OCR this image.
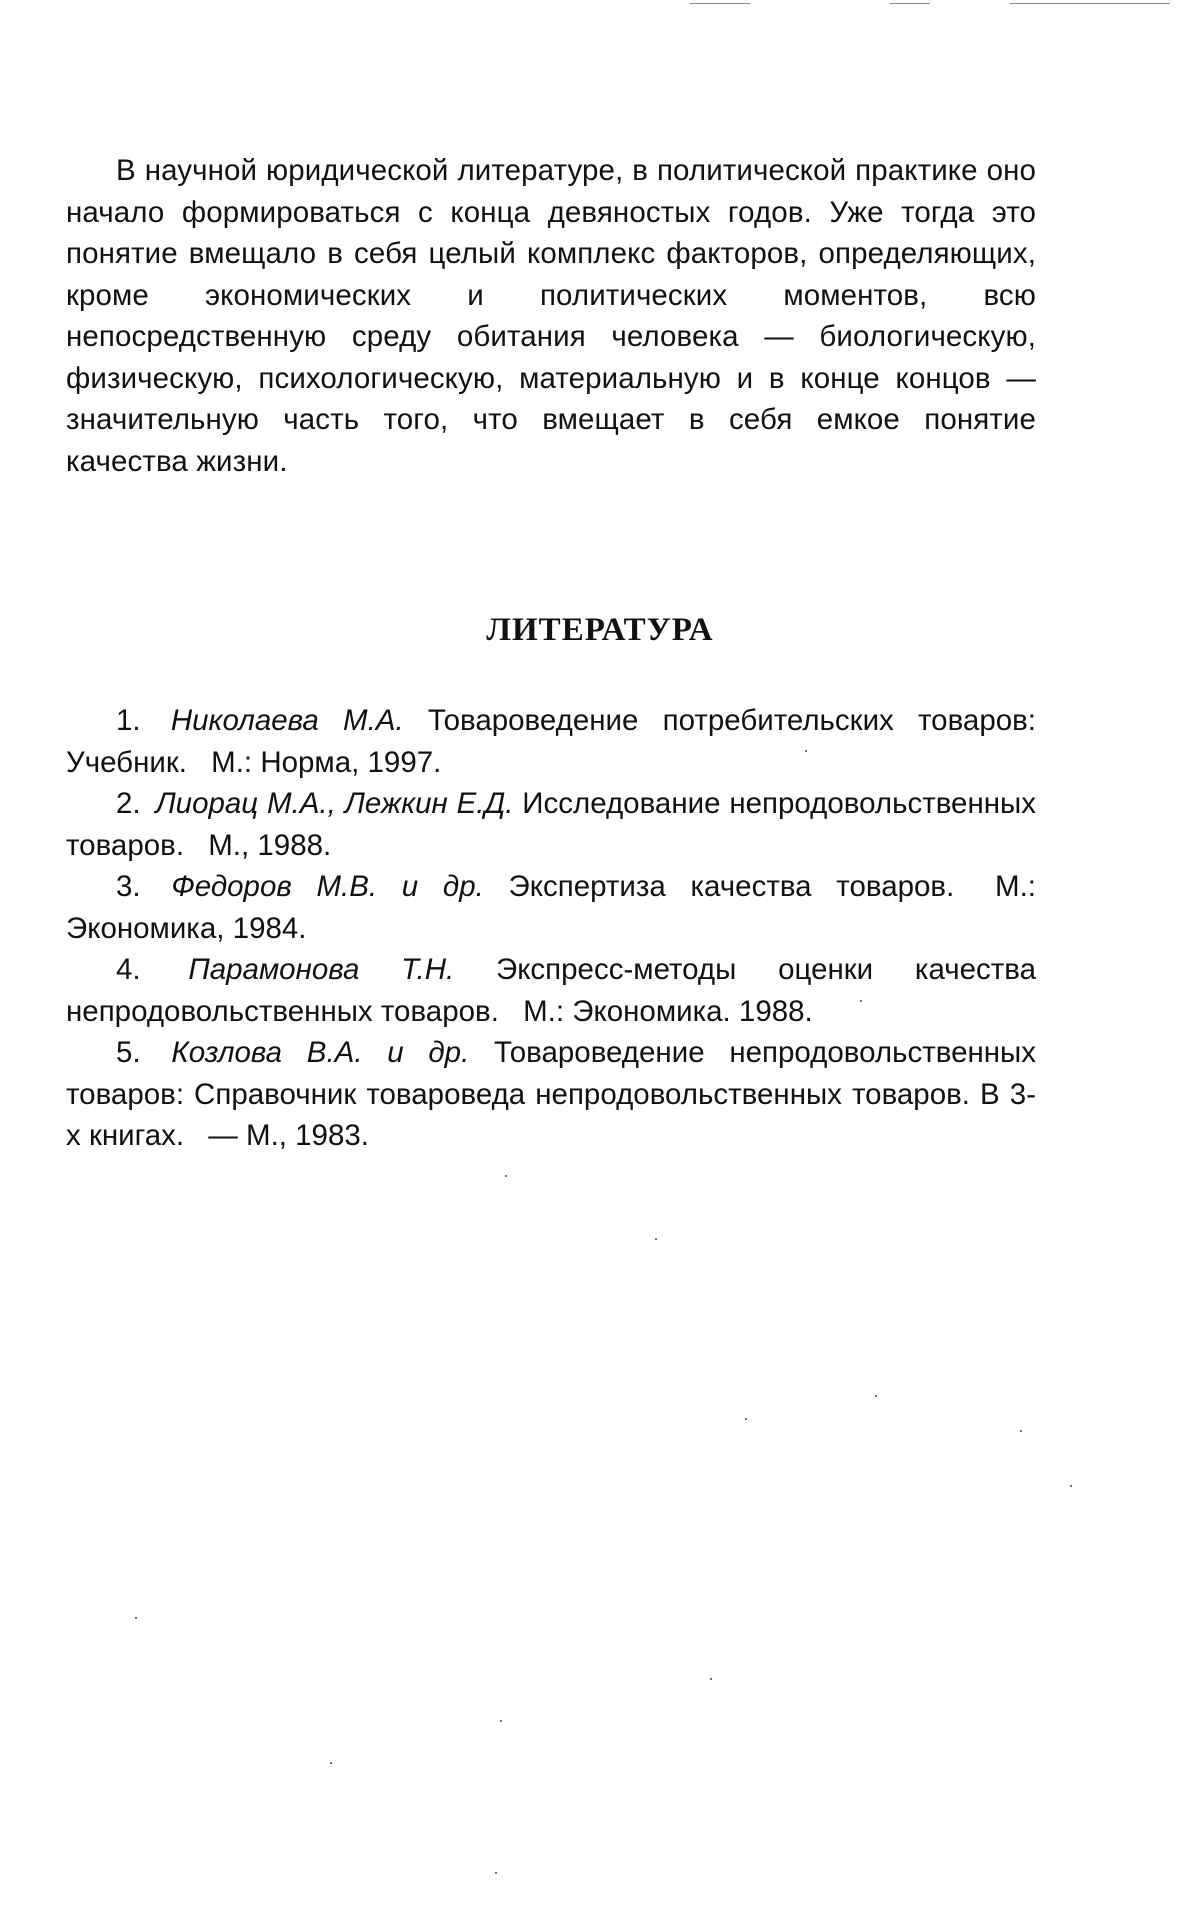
В научной юридической литературе, в политической практике оно начало формироваться с конца девяностых годов. Уже тогда это понятие вмещало в себя целый комплекс факторов, определяющих, кроме экономических и политических моментов, всю непосредственную среду обитания человека — биологическую, физическую, психологическую, материальную и в конце концов — значительную часть того, что вмещает в себя емкое понятие качества жизни.

ЛИТЕРАТУРА
1. Николаева М.А. Товароведение потребительских товаров: Учебник. М.: Норма, 1997.
2. Лиорац М.А., Лежкин Е.Д. Исследование непродовольственных товаров. М., 1988.
3. Федоров М.В. и др. Экспертиза качества товаров. М.: Экономика, 1984.
4. Парамонова Т.Н. Экспресс-методы оценки качества непродовольственных товаров. М.: Экономика. 1988.
5. Козлова В.А. и др. Товароведение непродовольственных товаров: Справочник товароведа непродовольственных товаров. В 3-х книгах. — М., 1983.
